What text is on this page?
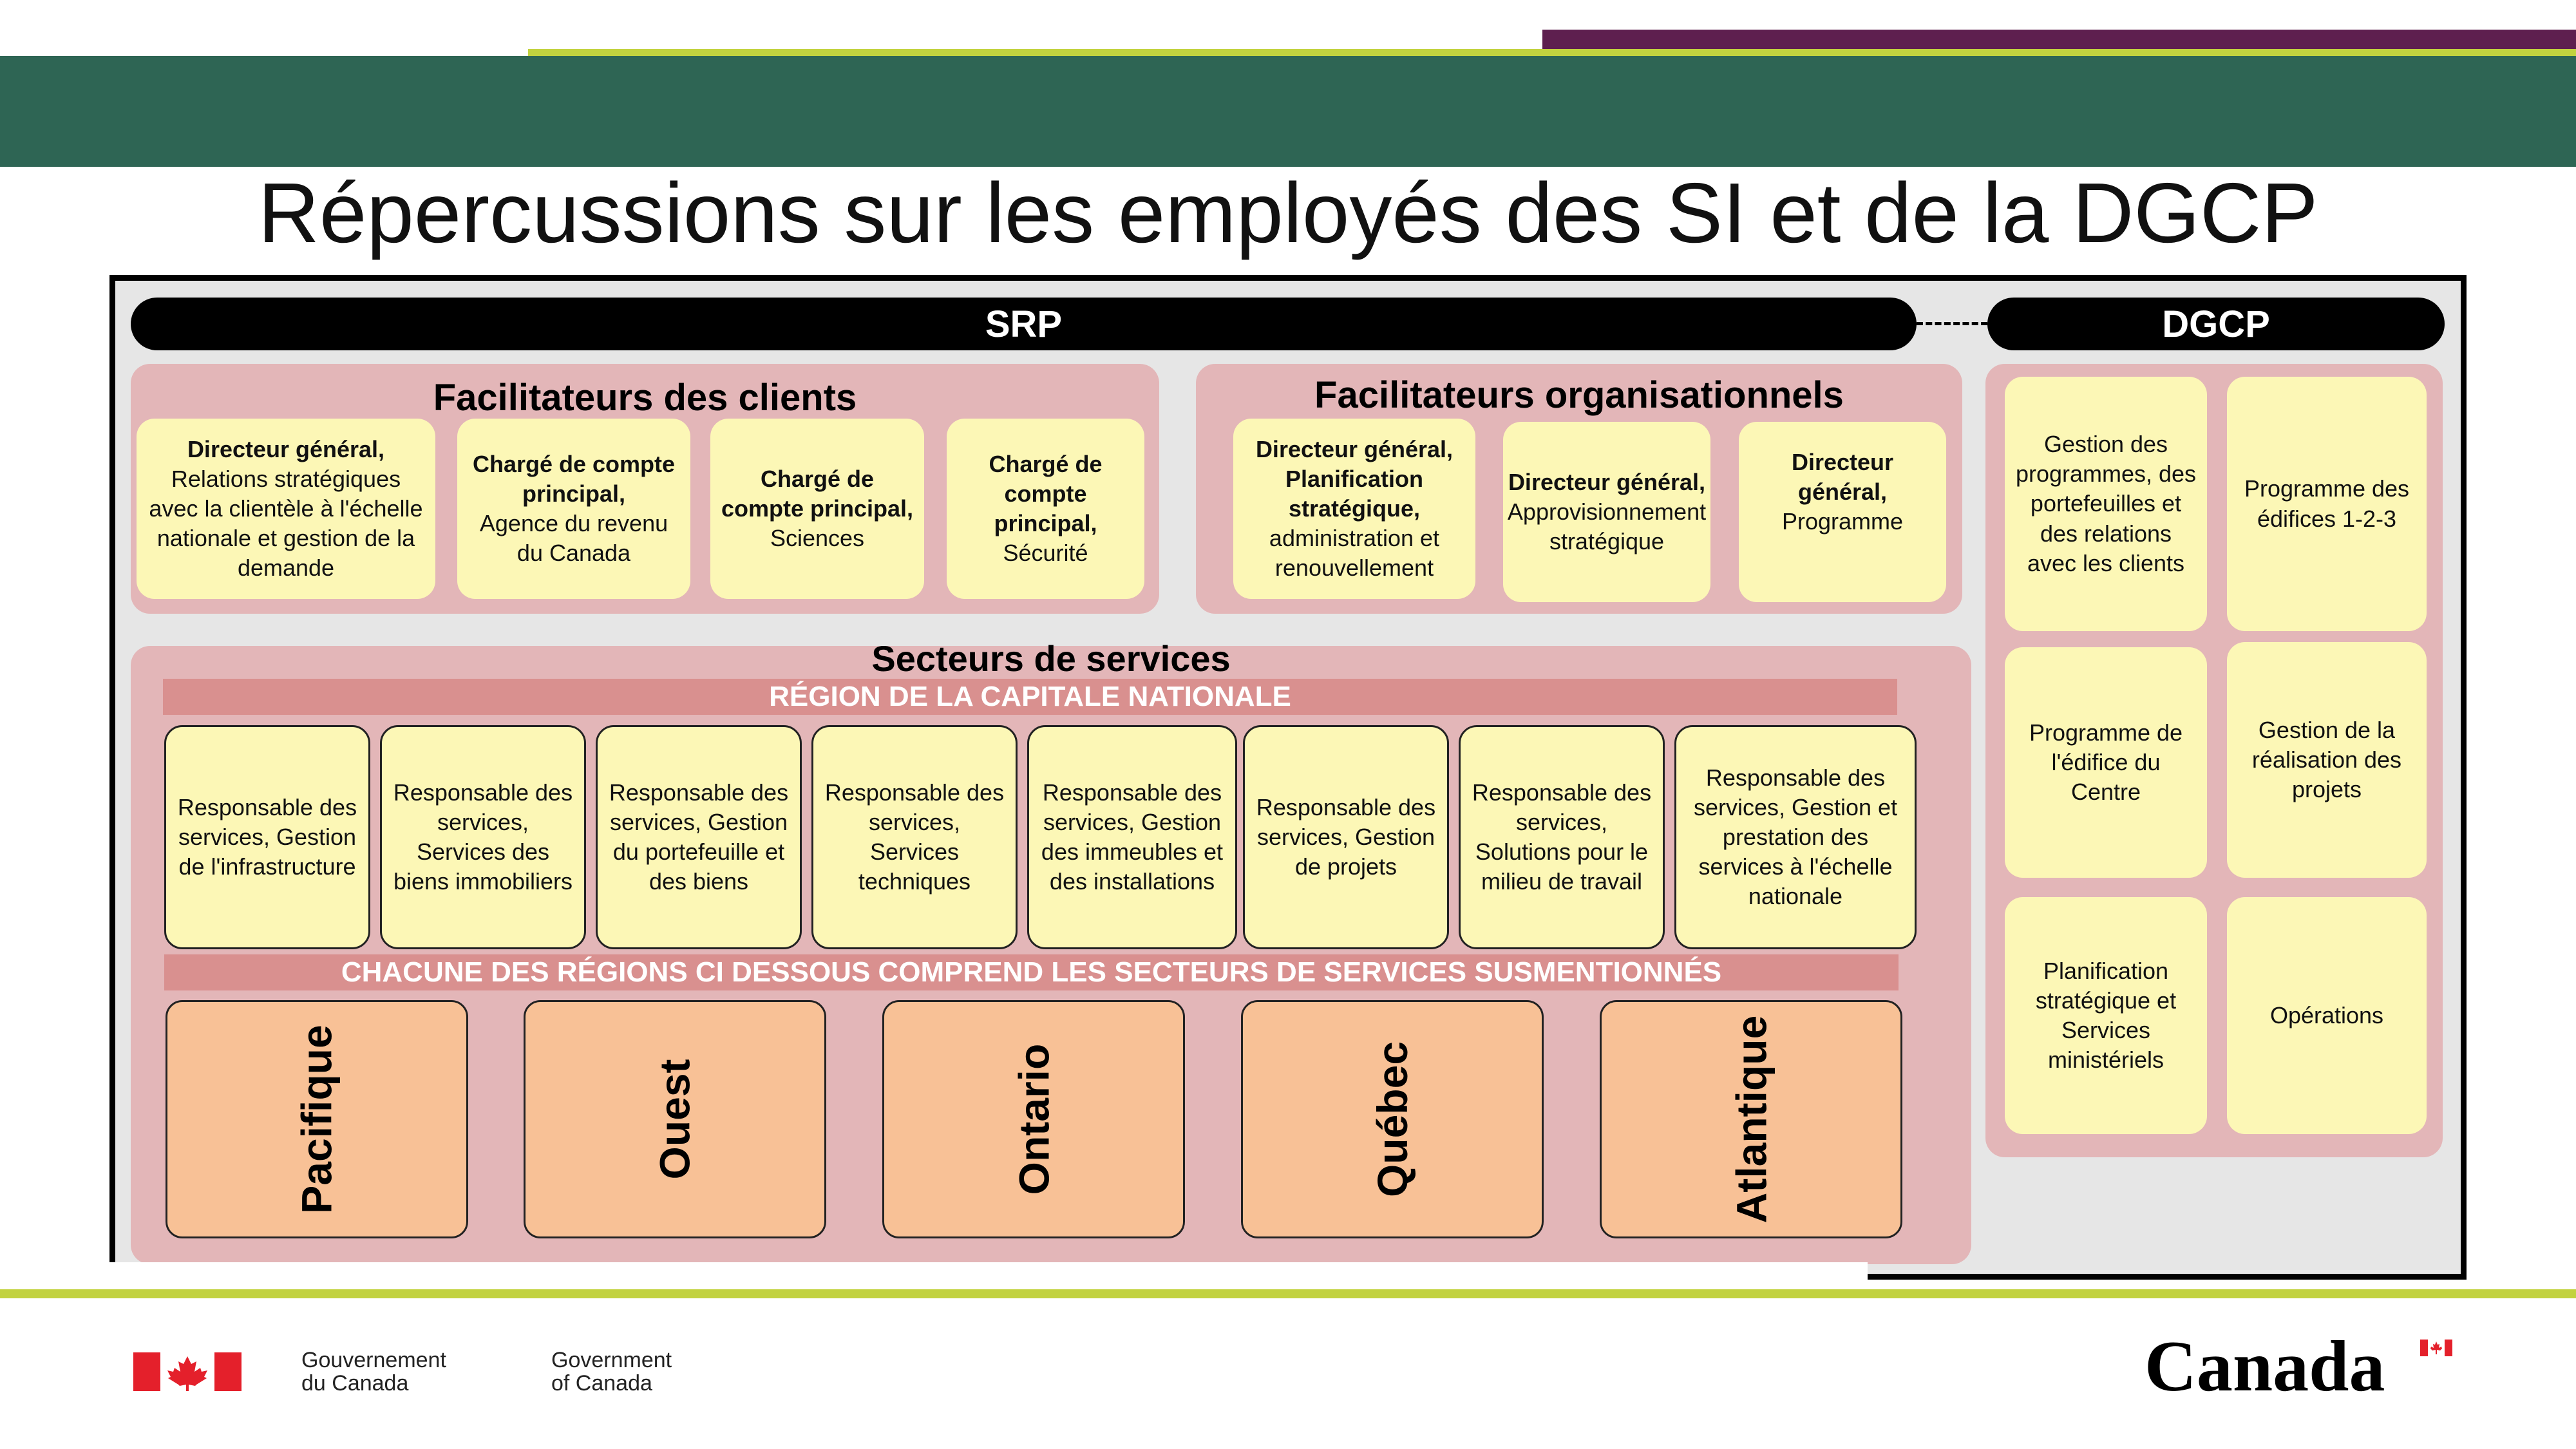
Répercussions sur les employés des SI et de la DGCP
SRP	DGCP
Facilitateurs des clients
Directeur général,
Relations stratégiques avec la clientèle à l'échelle nationale et gestion de la demande
Chargé de compte principal,
Agence du revenu du Canada
Chargé de compte principal,
Sciences
Chargé de compte principal,
Sécurité
Facilitateurs organisationnels
Directeur général, Planification stratégique,
administration et renouvellement
Directeur général,
Approvisionnement stratégique
Directeur général,
Programme
Secteurs de services
RÉGION DE LA CAPITALE NATIONALE
Responsable des services, Gestion de l'infrastructure
Responsable des services, Services des biens immobiliers
Responsable des services, Gestion du portefeuille et des biens
Responsable des services, Services techniques
Responsable des services, Gestion des immeubles et des installations
Responsable des services, Gestion de projets
Responsable des services, Solutions pour le milieu de travail
Responsable des services, Gestion et prestation des services à l'échelle nationale
CHACUNE DES RÉGIONS CI DESSOUS COMPREND LES SECTEURS DE SERVICES SUSMENTIONNÉS
Pacifique	Ouest	Ontario	Québec	Atlantique
Gestion des programmes, des portefeuilles et des relations avec les clients
Programme des édifices 1-2-3
Programme de l'édifice du Centre
Gestion de la réalisation des projets
Planification stratégique et Services ministériels
Opérations
Gouvernement
du Canada
Government
of Canada	Canada
